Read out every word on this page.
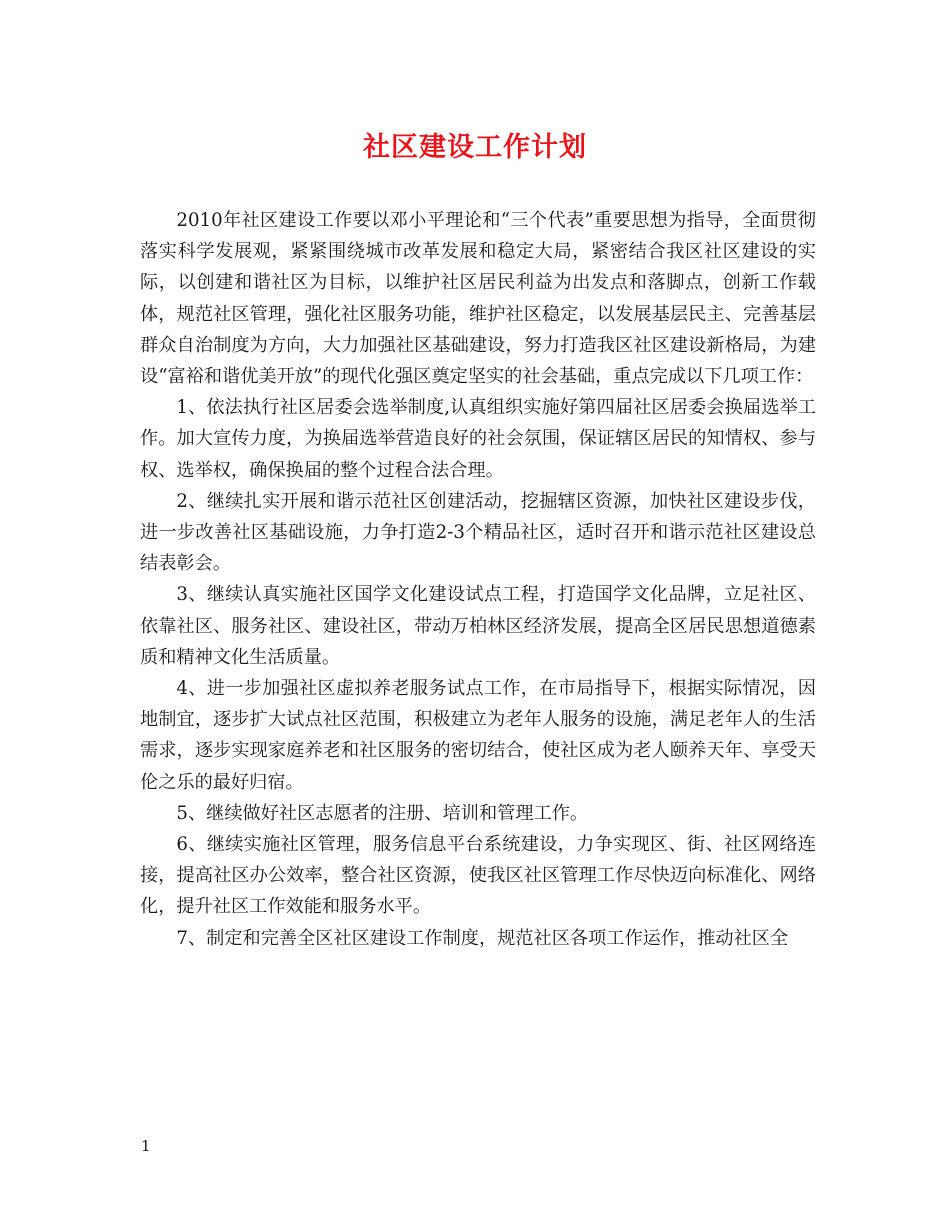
社区建设工作计划

2010年社区建设工作要以邓小平理论和“三个代表”重要思想为指导，全面贯彻落实科学发展观，紧紧围绕城市改革发展和稳定大局，紧密结合我区社区建设的实际，以创建和谐社区为目标，以维护社区居民利益为出发点和落脚点，创新工作载体，规范社区管理，强化社区服务功能，维护社区稳定，以发展基层民主、完善基层群众自治制度为方向，大力加强社区基础建设，努力打造我区社区建设新格局，为建设“富裕和谐优美开放”的现代化强区奠定坚实的社会基础，重点完成以下几项工作：

1、依法执行社区居委会选举制度,认真组织实施好第四届社区居委会换届选举工作。加大宣传力度，为换届选举营造良好的社会氛围，保证辖区居民的知情权、参与权、选举权，确保换届的整个过程合法合理。

2、继续扎实开展和谐示范社区创建活动，挖掘辖区资源，加快社区建设步伐，进一步改善社区基础设施，力争打造2-3个精品社区，适时召开和谐示范社区建设总结表彰会。

3、继续认真实施社区国学文化建设试点工程，打造国学文化品牌，立足社区、依靠社区、服务社区、建设社区，带动万柏林区经济发展，提高全区居民思想道德素质和精神文化生活质量。

4、进一步加强社区虚拟养老服务试点工作，在市局指导下，根据实际情况，因地制宜，逐步扩大试点社区范围，积极建立为老年人服务的设施，满足老年人的生活需求，逐步实现家庭养老和社区服务的密切结合，使社区成为老人颐养天年、享受天伦之乐的最好归宿。

5、继续做好社区志愿者的注册、培训和管理工作。

6、继续实施社区管理，服务信息平台系统建设，力争实现区、街、社区网络连接，提高社区办公效率，整合社区资源，使我区社区管理工作尽快迈向标准化、网络化，提升社区工作效能和服务水平。

7、制定和完善全区社区建设工作制度，规范社区各项工作运作，推动社区全

1
